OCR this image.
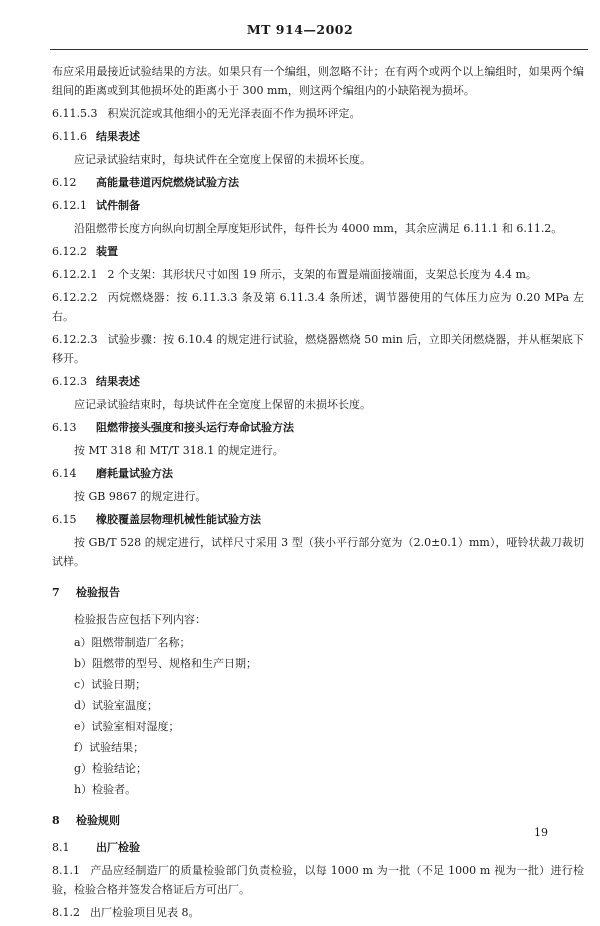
MT 914—2002
布应采用最接近试验结果的方法。如果只有一个编组，则忽略不计；在有两个或两个以上编组时，如果两个编组间的距离或到其他损坏处的距离小于 300 mm，则这两个编组内的小缺陷视为损坏。
6.11.5.3 积炭沉淀或其他细小的无光泽表面不作为损坏评定。
6.11.6 结果表述
应记录试验结束时，每块试件在全宽度上保留的未损坏长度。
6.12 高能量巷道丙烷燃烧试验方法
6.12.1 试件制备
沿阻燃带长度方向纵向切割全厚度矩形试件，每件长为 4000 mm，其余应满足 6.11.1 和 6.11.2。
6.12.2 装置
6.12.2.1 2 个支架：其形状尺寸如图 19 所示，支架的布置是端面接端面，支架总长度为 4.4 m。
6.12.2.2 丙烷燃烧器：按 6.11.3.3 条及第 6.11.3.4 条所述，调节器使用的气体压力应为 0.20 MPa 左右。
6.12.2.3 试验步骤：按 6.10.4 的规定进行试验，燃烧器燃烧 50 min 后，立即关闭燃烧器，并从框架底下移开。
6.12.3 结果表述
应记录试验结束时，每块试件在全宽度上保留的未损坏长度。
6.13 阻燃带接头强度和接头运行寿命试验方法
按 MT 318 和 MT/T 318.1 的规定进行。
6.14 磨耗量试验方法
按 GB 9867 的规定进行。
6.15 橡胶覆盖层物理机械性能试验方法
按 GB/T 528 的规定进行，试样尺寸采用 3 型（狭小平行部分宽为（2.0±0.1）mm），哑铃状裁刀裁切试样。
7 检验报告
检验报告应包括下列内容：
a）阻燃带制造厂名称；
b）阻燃带的型号、规格和生产日期；
c）试验日期；
d）试验室温度；
e）试验室相对湿度；
f）试验结果；
g）检验结论；
h）检验者。
8 检验规则
8.1 出厂检验
8.1.1 产品应经制造厂的质量检验部门负责检验，以每 1000 m 为一批（不足 1000 m 视为一批）进行检验，检验合格并签发合格证后方可出厂。
8.1.2 出厂检验项目见表 8。
19
